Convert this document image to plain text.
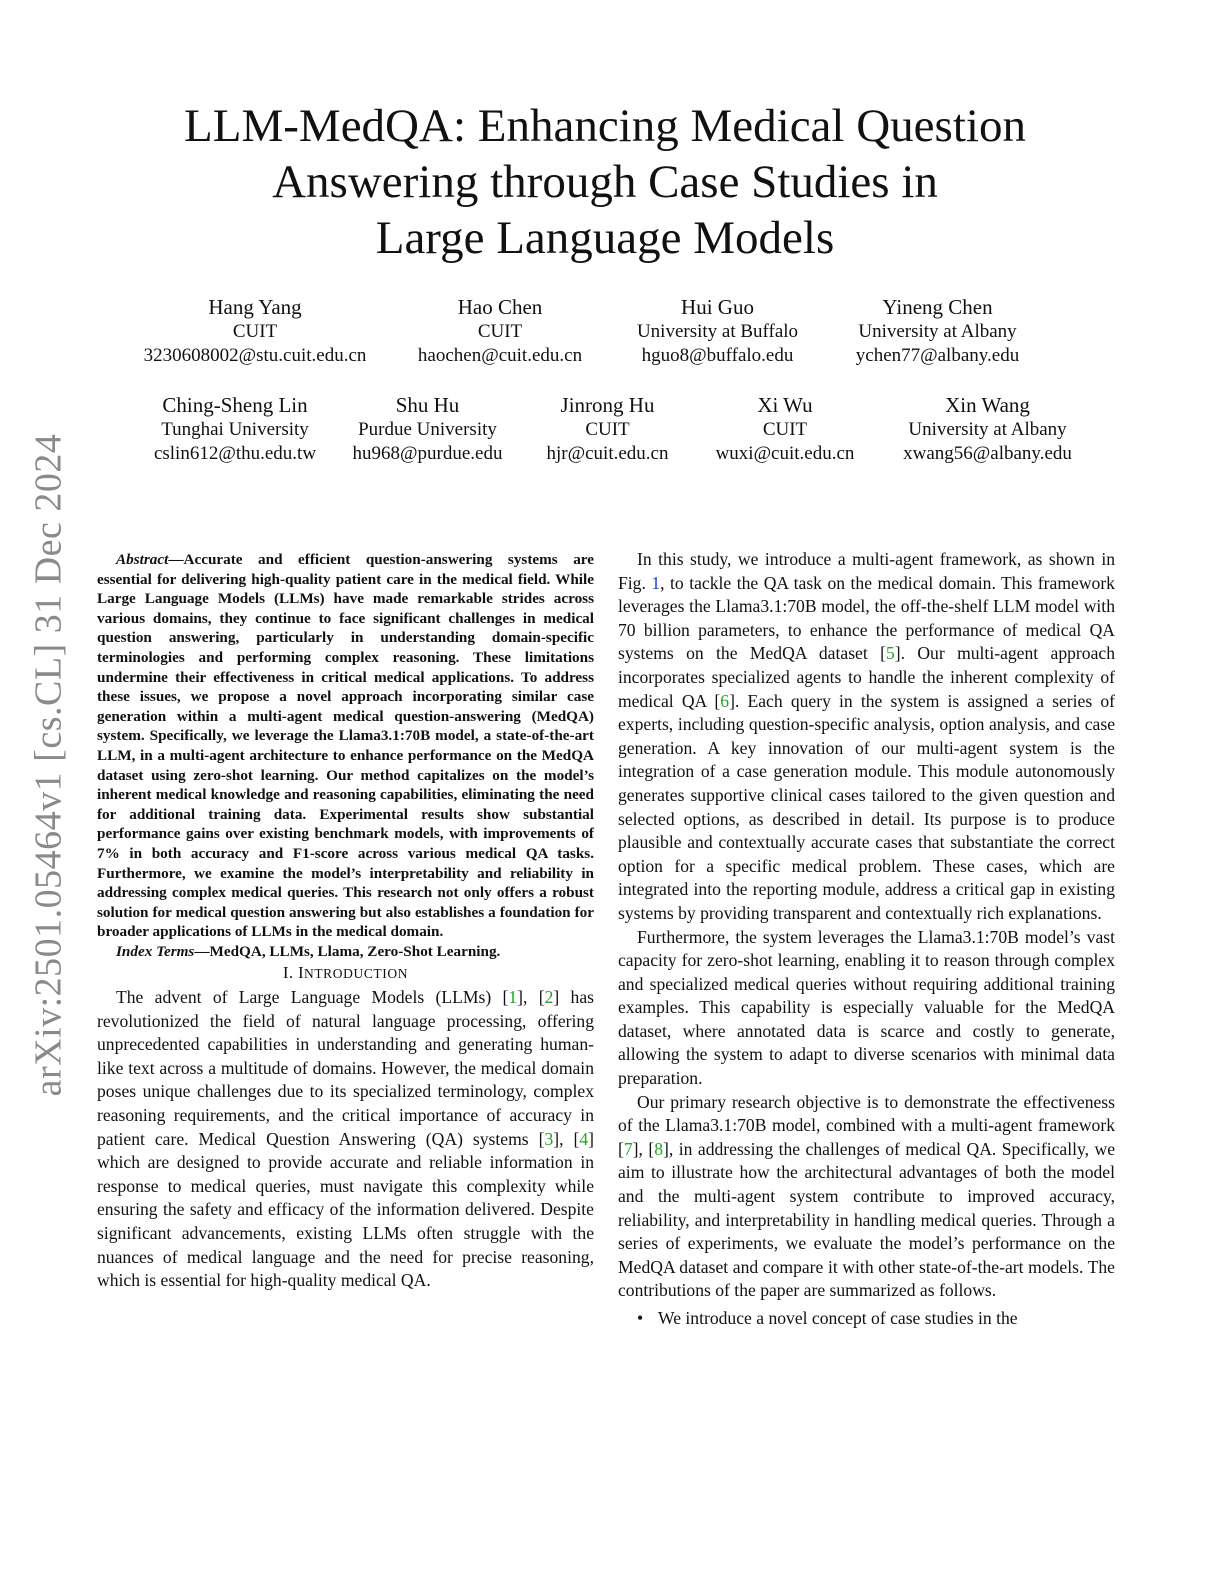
arXiv:2501.05464v1 [cs.CL] 31 Dec 2024
LLM-MedQA: Enhancing Medical Question
Answering through Case Studies in
Large Language Models
Hang Yang
CUIT
3230608002@stu.cuit.edu.cn
Hao Chen
CUIT
haochen@cuit.edu.cn
Hui Guo
University at Buffalo
hguo8@buffalo.edu
Yineng Chen
University at Albany
ychen77@albany.edu
Ching-Sheng Lin
Tunghai University
cslin612@thu.edu.tw
Shu Hu
Purdue University
hu968@purdue.edu
Jinrong Hu
CUIT
hjr@cuit.edu.cn
Xi Wu
CUIT
wuxi@cuit.edu.cn
Xin Wang
University at Albany
xwang56@albany.edu

Abstract—Accurate and efficient question-answering systems are essential for delivering high-quality patient care in the medical field. While Large Language Models (LLMs) have made remarkable strides across various domains, they continue to face significant challenges in medical question answering, particularly in understanding domain-specific terminologies and performing complex reasoning. These limitations undermine their effectiveness in critical medical applications. To address these issues, we propose a novel approach incorporating similar case generation within a multi-agent medical question-answering (MedQA) system. Specifically, we leverage the Llama3.1:70B model, a state-of-the-art LLM, in a multi-agent architecture to enhance performance on the MedQA dataset using zero-shot learning. Our method capitalizes on the model’s inherent medical knowledge and reasoning capabilities, eliminating the need for additional training data. Experimental results show substantial performance gains over existing benchmark models, with improvements of 7% in both accuracy and F1-score across various medical QA tasks. Furthermore, we examine the model’s interpretability and reliability in addressing complex medical queries. This research not only offers a robust solution for medical question answering but also establishes a foundation for broader applications of LLMs in the medical domain.

Index Terms—MedQA, LLMs, Llama, Zero-Shot Learning.

I. INTRODUCTION

The advent of Large Language Models (LLMs) [1], [2] has revolutionized the field of natural language processing, offering unprecedented capabilities in understanding and generating human-like text across a multitude of domains. However, the medical domain poses unique challenges due to its specialized terminology, complex reasoning requirements, and the critical importance of accuracy in patient care. Medical Question Answering (QA) systems [3], [4] which are designed to provide accurate and reliable information in response to medical queries, must navigate this complexity while ensuring the safety and efficacy of the information delivered. Despite significant advancements, existing LLMs often struggle with the nuances of medical language and the need for precise reasoning, which is essential for high-quality medical QA.

In this study, we introduce a multi-agent framework, as shown in Fig. 1, to tackle the QA task on the medical domain. This framework leverages the Llama3.1:70B model, the off-the-shelf LLM model with 70 billion parameters, to enhance the performance of medical QA systems on the MedQA dataset [5]. Our multi-agent approach incorporates specialized agents to handle the inherent complexity of medical QA [6]. Each query in the system is assigned a series of experts, including question-specific analysis, option analysis, and case generation. A key innovation of our multi-agent system is the integration of a case generation module. This module autonomously generates supportive clinical cases tailored to the given question and selected options, as described in detail. Its purpose is to produce plausible and contextually accurate cases that substantiate the correct option for a specific medical problem. These cases, which are integrated into the reporting module, address a critical gap in existing systems by providing transparent and contextually rich explanations.

Furthermore, the system leverages the Llama3.1:70B model’s vast capacity for zero-shot learning, enabling it to reason through complex and specialized medical queries without requiring additional training examples. This capability is especially valuable for the MedQA dataset, where annotated data is scarce and costly to generate, allowing the system to adapt to diverse scenarios with minimal data preparation.

Our primary research objective is to demonstrate the effectiveness of the Llama3.1:70B model, combined with a multi-agent framework [7], [8], in addressing the challenges of medical QA. Specifically, we aim to illustrate how the architectural advantages of both the model and the multi-agent system contribute to improved accuracy, reliability, and interpretability in handling medical queries. Through a series of experiments, we evaluate the model’s performance on the MedQA dataset and compare it with other state-of-the-art models. The contributions of the paper are summarized as follows.

• We introduce a novel concept of case studies in the
